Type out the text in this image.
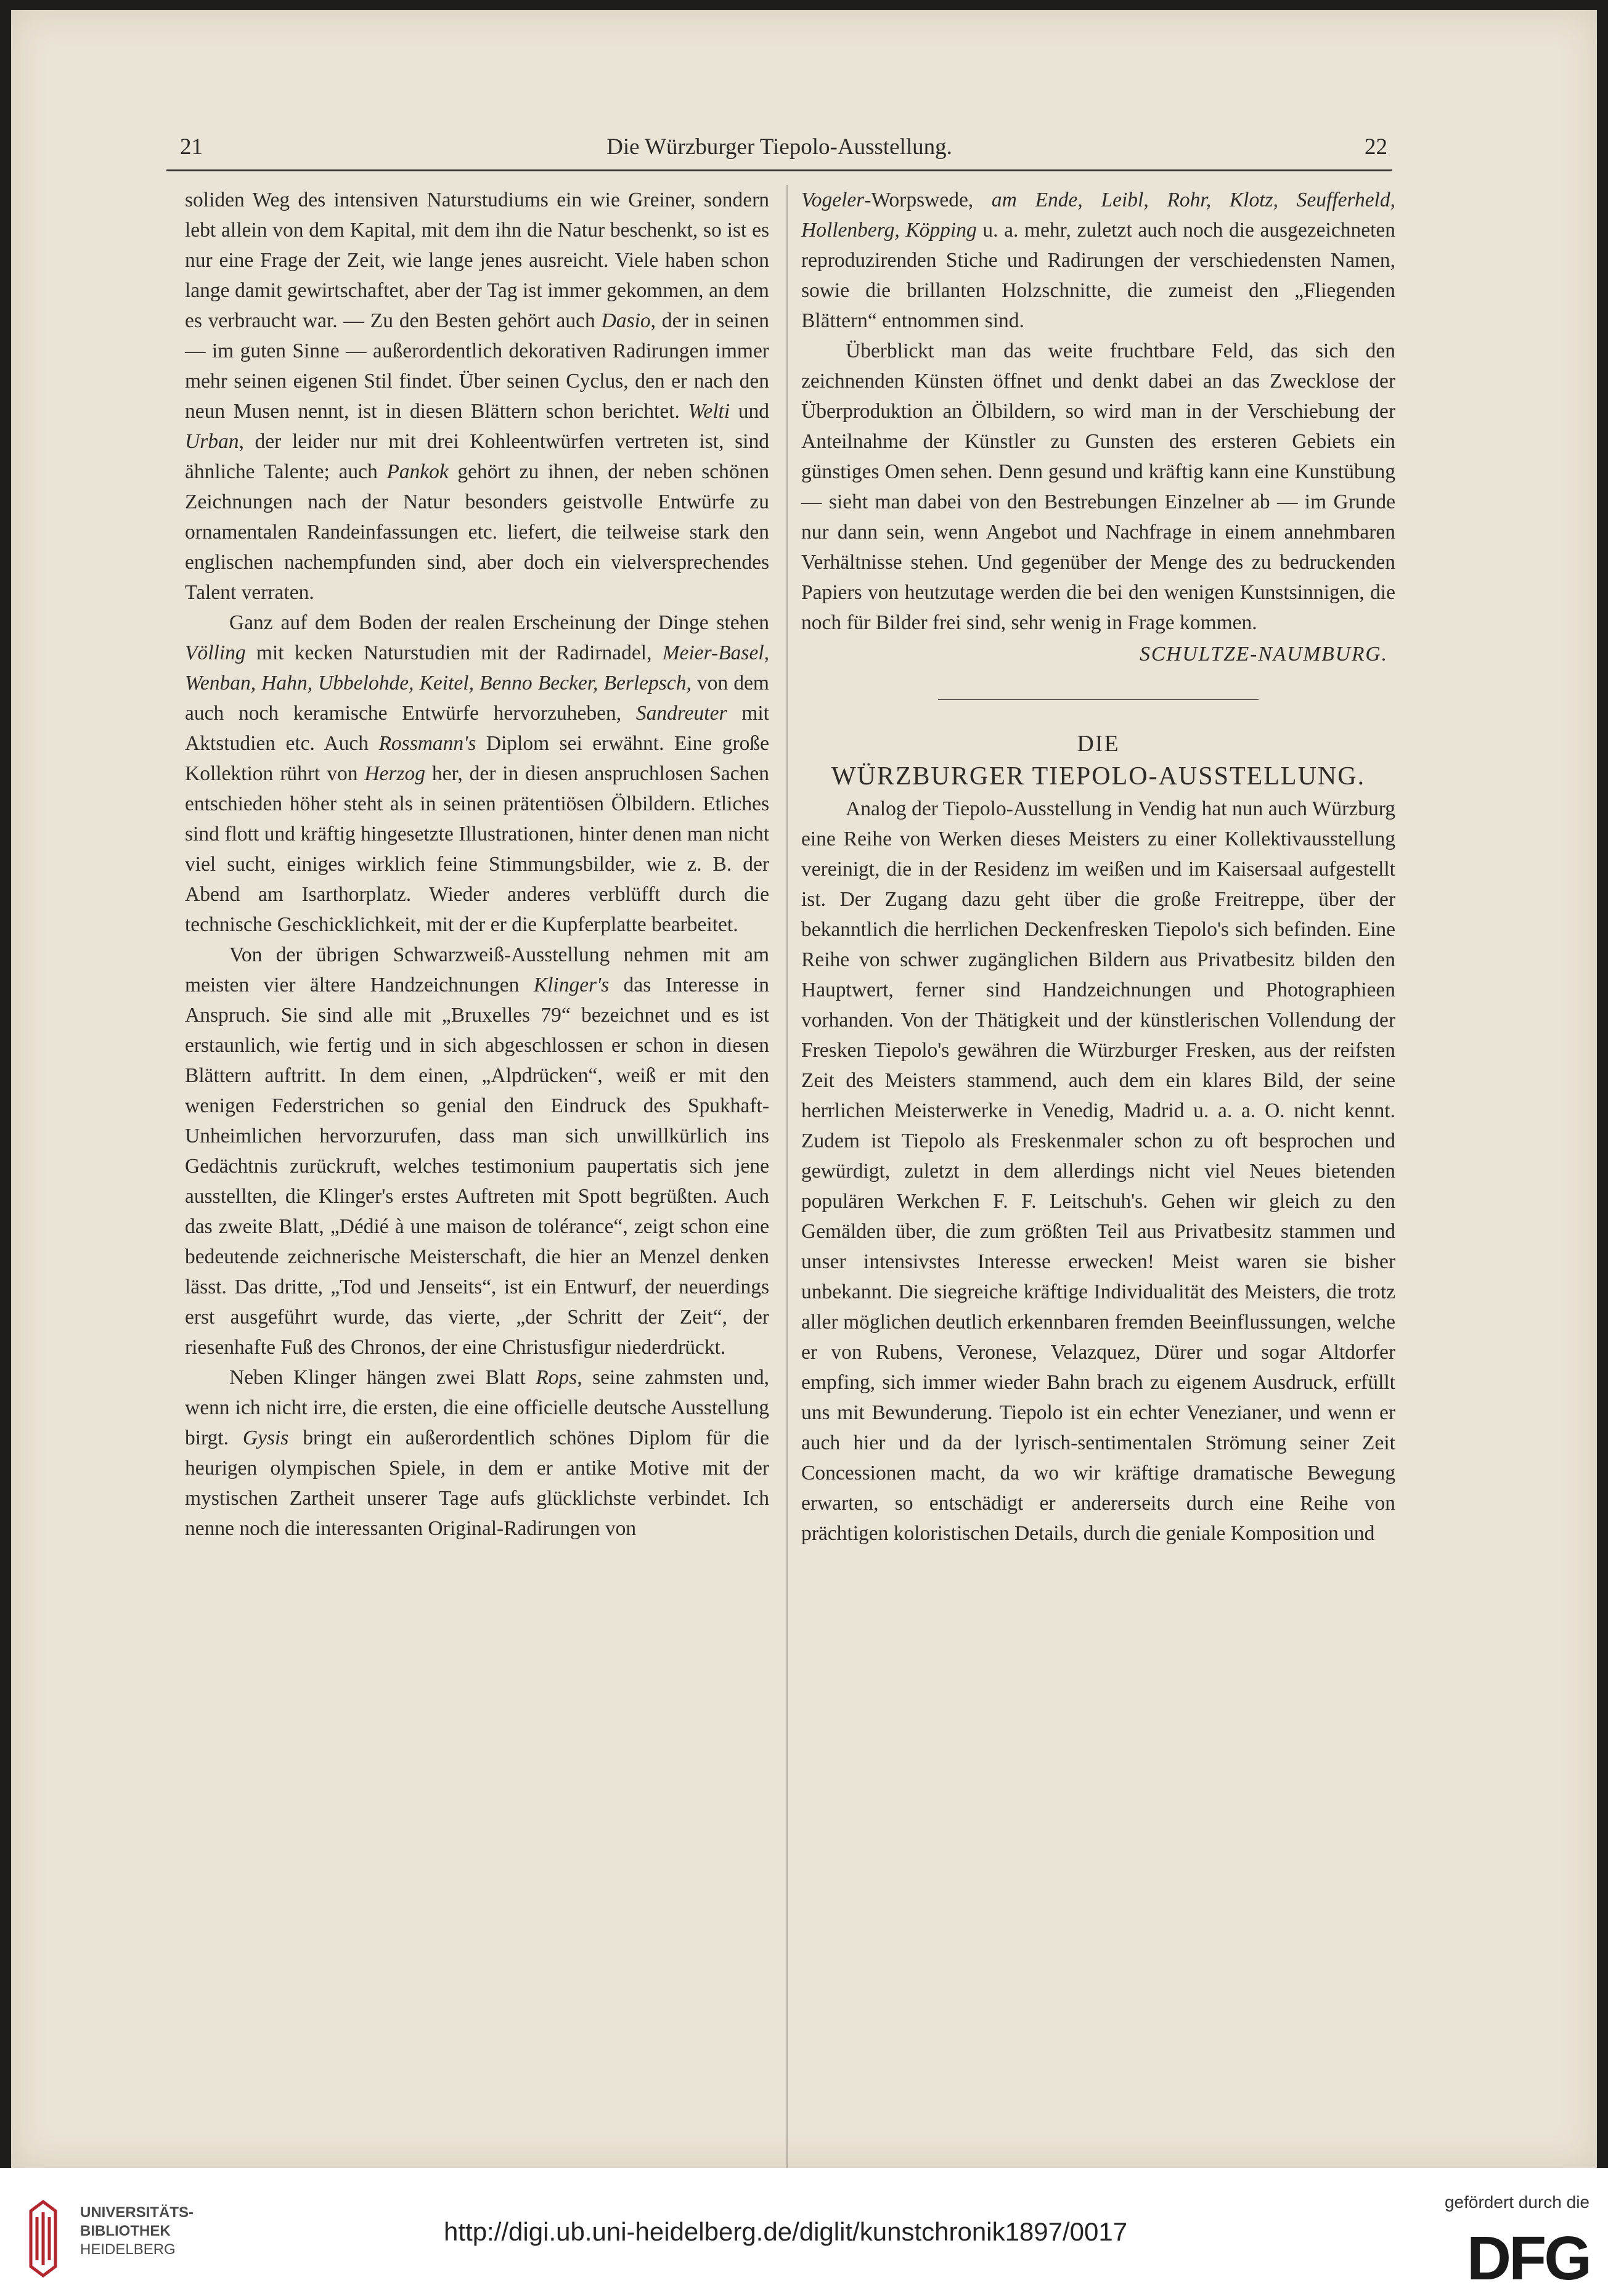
21	Die Würzburger Tiepolo-Ausstellung.	22

soliden Weg des intensiven Naturstudiums ein wie Greiner, sondern lebt allein von dem Kapital, mit dem ihn die Natur beschenkt, so ist es nur eine Frage der Zeit, wie lange jenes ausreicht. Viele haben schon lange damit gewirtschaftet, aber der Tag ist immer gekommen, an dem es verbraucht war. — Zu den Besten gehört auch Dasio, der in seinen — im guten Sinne — außerordentlich dekorativen Radirungen immer mehr seinen eigenen Stil findet. Über seinen Cyclus, den er nach den neun Musen nennt, ist in diesen Blättern schon berichtet. Welti und Urban, der leider nur mit drei Kohleentwürfen vertreten ist, sind ähnliche Talente; auch Pankok gehört zu ihnen, der neben schönen Zeichnungen nach der Natur besonders geistvolle Entwürfe zu ornamentalen Randeinfassungen etc. liefert, die teilweise stark den englischen nachempfunden sind, aber doch ein vielversprechendes Talent verraten.

Ganz auf dem Boden der realen Erscheinung der Dinge stehen Völling mit kecken Naturstudien mit der Radirnadel, Meier-Basel, Wenban, Hahn, Ubbelohde, Keitel, Benno Becker, Berlepsch, von dem auch noch keramische Entwürfe hervorzuheben, Sandreuter mit Aktstudien etc. Auch Rossmann's Diplom sei erwähnt. Eine große Kollektion rührt von Herzog her, der in diesen anspruchlosen Sachen entschieden höher steht als in seinen prätentiösen Ölbildern. Etliches sind flott und kräftig hingesetzte Illustrationen, hinter denen man nicht viel sucht, einiges wirklich feine Stimmungsbilder, wie z. B. der Abend am Isarthorplatz. Wieder anderes verblüfft durch die technische Geschicklichkeit, mit der er die Kupferplatte bearbeitet.

Von der übrigen Schwarzweiß-Ausstellung nehmen mit am meisten vier ältere Handzeichnungen Klinger's das Interesse in Anspruch. Sie sind alle mit „Bruxelles 79“ bezeichnet und es ist erstaunlich, wie fertig und in sich abgeschlossen er schon in diesen Blättern auftritt. In dem einen, „Alpdrücken“, weiß er mit den wenigen Federstrichen so genial den Eindruck des Spukhaft-Unheimlichen hervorzurufen, dass man sich unwillkürlich ins Gedächtnis zurückruft, welches testimonium paupertatis sich jene ausstellten, die Klinger's erstes Auftreten mit Spott begrüßten. Auch das zweite Blatt, „Dédié à une maison de tolérance“, zeigt schon eine bedeutende zeichnerische Meisterschaft, die hier an Menzel denken lässt. Das dritte, „Tod und Jenseits“, ist ein Entwurf, der neuerdings erst ausgeführt wurde, das vierte, „der Schritt der Zeit“, der riesenhafte Fuß des Chronos, der eine Christusfigur niederdrückt.

Neben Klinger hängen zwei Blatt Rops, seine zahmsten und, wenn ich nicht irre, die ersten, die eine officielle deutsche Ausstellung birgt. Gysis bringt ein außerordentlich schönes Diplom für die heurigen olympischen Spiele, in dem er antike Motive mit der mystischen Zartheit unserer Tage aufs glücklichste verbindet. Ich nenne noch die interessanten Original-Radirungen von

Vogeler-Worpswede, am Ende, Leibl, Rohr, Klotz, Seufferheld, Hollenberg, Köpping u. a. mehr, zuletzt auch noch die ausgezeichneten reproduzirenden Stiche und Radirungen der verschiedensten Namen, sowie die brillanten Holzschnitte, die zumeist den „Fliegenden Blättern“ entnommen sind.

Überblickt man das weite fruchtbare Feld, das sich den zeichnenden Künsten öffnet und denkt dabei an das Zwecklose der Überproduktion an Ölbildern, so wird man in der Verschiebung der Anteilnahme der Künstler zu Gunsten des ersteren Gebiets ein günstiges Omen sehen. Denn gesund und kräftig kann eine Kunstübung — sieht man dabei von den Bestrebungen Einzelner ab — im Grunde nur dann sein, wenn Angebot und Nachfrage in einem annehmbaren Verhältnisse stehen. Und gegenüber der Menge des zu bedruckenden Papiers von heutzutage werden die bei den wenigen Kunstsinnigen, die noch für Bilder frei sind, sehr wenig in Frage kommen.

SCHULTZE-NAUMBURG.

DIE

WÜRZBURGER TIEPOLO-AUSSTELLUNG.

Analog der Tiepolo-Ausstellung in Vendig hat nun auch Würzburg eine Reihe von Werken dieses Meisters zu einer Kollektivausstellung vereinigt, die in der Residenz im weißen und im Kaisersaal aufgestellt ist. Der Zugang dazu geht über die große Freitreppe, über der bekanntlich die herrlichen Deckenfresken Tiepolo's sich befinden. Eine Reihe von schwer zugänglichen Bildern aus Privatbesitz bilden den Hauptwert, ferner sind Handzeichnungen und Photographieen vorhanden. Von der Thätigkeit und der künstlerischen Vollendung der Fresken Tiepolo's gewähren die Würzburger Fresken, aus der reifsten Zeit des Meisters stammend, auch dem ein klares Bild, der seine herrlichen Meisterwerke in Venedig, Madrid u. a. a. O. nicht kennt. Zudem ist Tiepolo als Freskenmaler schon zu oft besprochen und gewürdigt, zuletzt in dem allerdings nicht viel Neues bietenden populären Werkchen F. F. Leitschuh's. Gehen wir gleich zu den Gemälden über, die zum größten Teil aus Privatbesitz stammen und unser intensivstes Interesse erwecken! Meist waren sie bisher unbekannt. Die siegreiche kräftige Individualität des Meisters, die trotz aller möglichen deutlich erkennbaren fremden Beeinflussungen, welche er von Rubens, Veronese, Velazquez, Dürer und sogar Altdorfer empfing, sich immer wieder Bahn brach zu eigenem Ausdruck, erfüllt uns mit Bewunderung. Tiepolo ist ein echter Venezianer, und wenn er auch hier und da der lyrisch-sentimentalen Strömung seiner Zeit Concessionen macht, da wo wir kräftige dramatische Bewegung erwarten, so entschädigt er andererseits durch eine Reihe von prächtigen koloristischen Details, durch die geniale Komposition und

UNIVERSITÄTS-
BIBLIOTHEK
HEIDELBERG
http://digi.ub.uni-heidelberg.de/diglit/kunstchronik1897/0017
gefördert durch die
DFG
